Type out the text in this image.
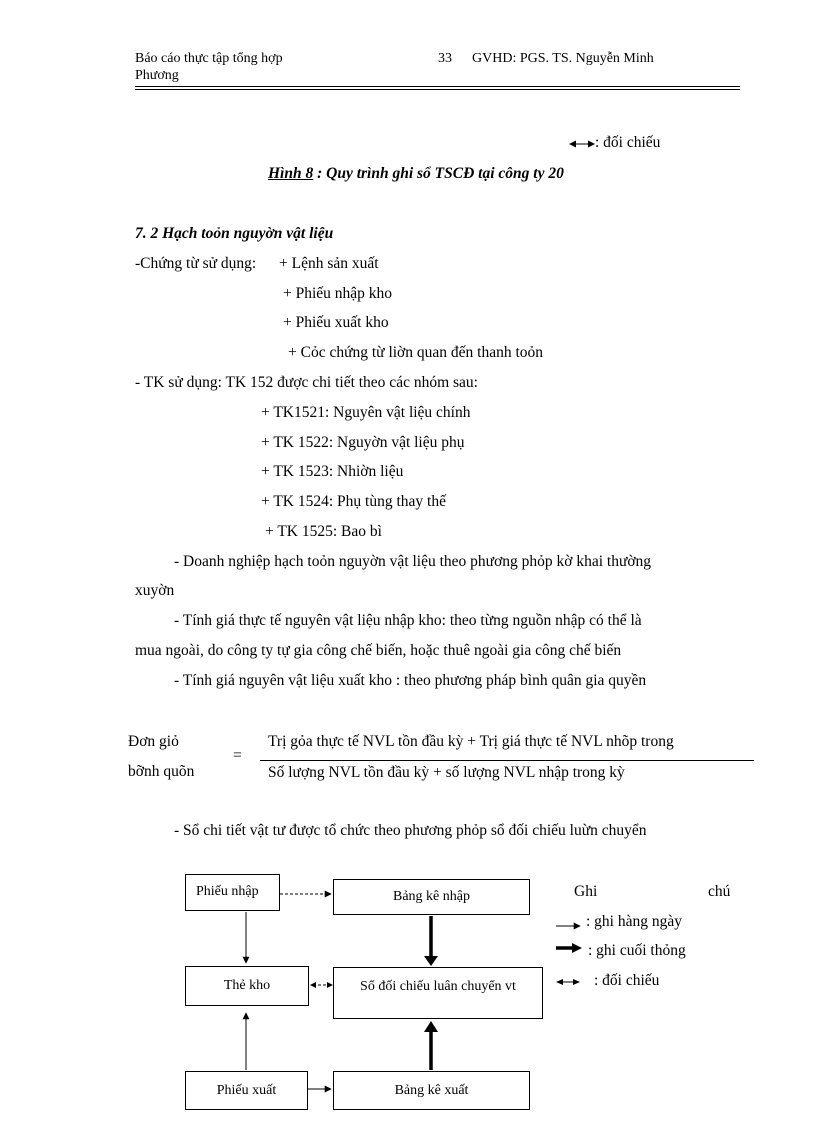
Báo cáo thực tập tổng hợp
Phương
33 GVHD: PGS. TS. Nguyễn Minh
: đối chiếu
Hình 8 : Quy trình ghi sổ TSCĐ tại công ty 20
7. 2 Hạch toỏn nguyờn vật liệu
-Chứng từ sử dụng: + Lệnh sản xuất
+ Phiếu nhập kho
+ Phiếu xuất kho
+ Cỏc chứng từ liờn quan đến thanh toỏn
- TK sử dụng: TK 152 được chi tiết theo các nhóm sau:
+ TK1521: Nguyên vật liệu chính
+ TK 1522: Nguyờn vật liệu phụ
+ TK 1523: Nhiờn liệu
+ TK 1524: Phụ tùng thay thế
+ TK 1525: Bao bì
- Doanh nghiệp hạch toỏn nguyờn vật liệu theo phương phỏp kờ khai thường
xuyờn
- Tính giá thực tế nguyên vật liệu nhập kho: theo từng nguồn nhập có thể là
mua ngoài, do công ty tự gia công chế biến, hoặc thuê ngoài gia công chế biến
- Tính giá nguyên vật liệu xuất kho : theo phương pháp bình quân gia quyền
Đơn giỏ
bỡnh quõn
=
Trị gỏa thực tế NVL tồn đầu kỳ + Trị giá thực tế NVL nhõp trong
Số lượng NVL tồn đầu kỳ + số lượng NVL nhập trong kỳ
- Sổ chi tiết vật tư được tổ chức theo phương phỏp sổ đối chiếu luừn chuyển
Phiếu nhập	Bảng kê nhập
Thẻ kho	Sổ đối chiếu luân chuyển vt
Phiếu xuất	Bảng kê xuất
Ghi	chú
: ghi hàng ngày
: ghi cuối thỏng
: đối chiếu
